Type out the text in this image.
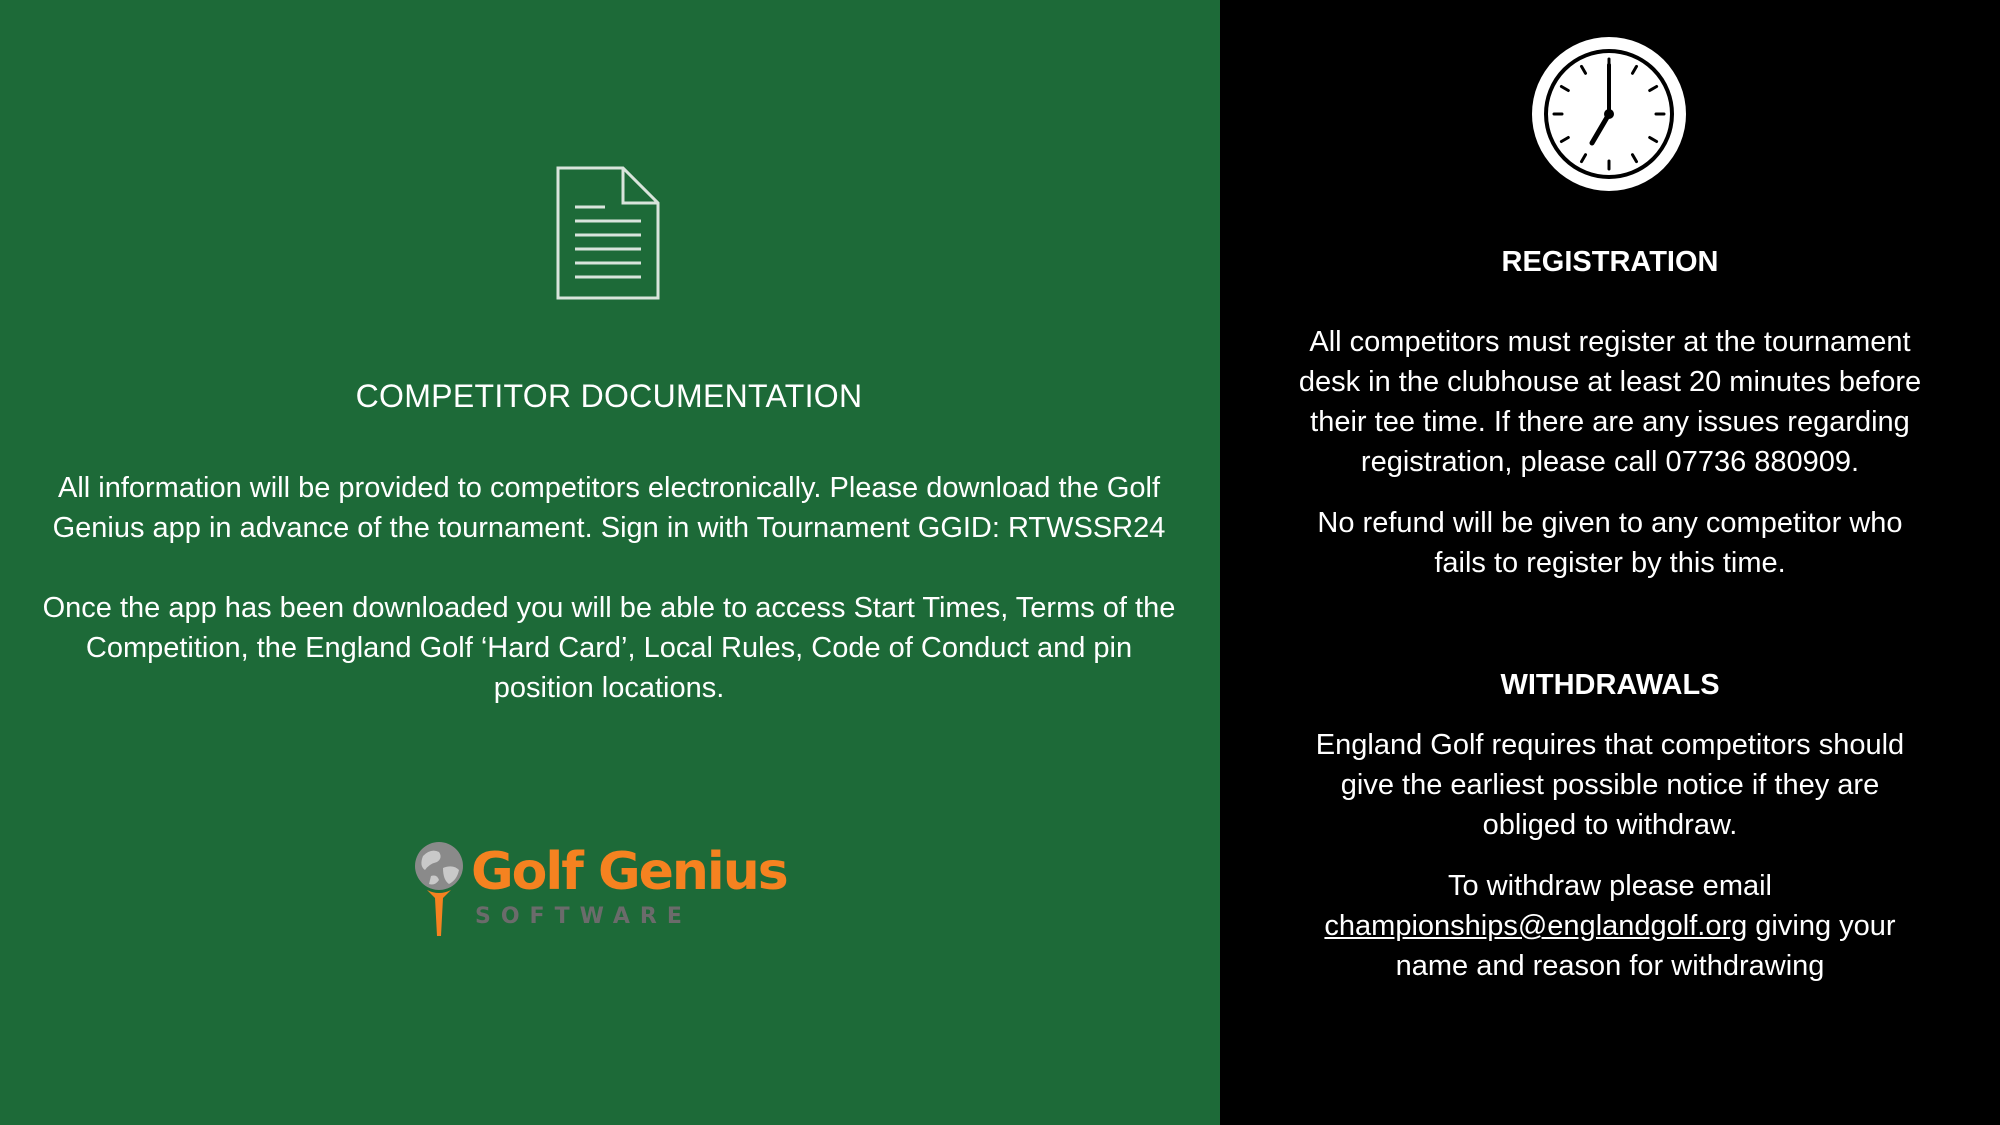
COMPETITOR DOCUMENTATION
All information will be provided to competitors electronically. Please download the Golf
Genius app in advance of the tournament. Sign in with Tournament GGID: RTWSSR24
Once the app has been downloaded you will be able to access Start Times, Terms of the
Competition, the England Golf ‘Hard Card’, Local Rules, Code of Conduct and pin
position locations.
Golf Genius
SOFTWARE
REGISTRATION
All competitors must register at the tournament
desk in the clubhouse at least 20 minutes before
their tee time. If there are any issues regarding
registration, please call 07736 880909.
No refund will be given to any competitor who
fails to register by this time.
WITHDRAWALS
England Golf requires that competitors should
give the earliest possible notice if they are
obliged to withdraw.
To withdraw please email
championships@englandgolf.org giving your
name and reason for withdrawing
